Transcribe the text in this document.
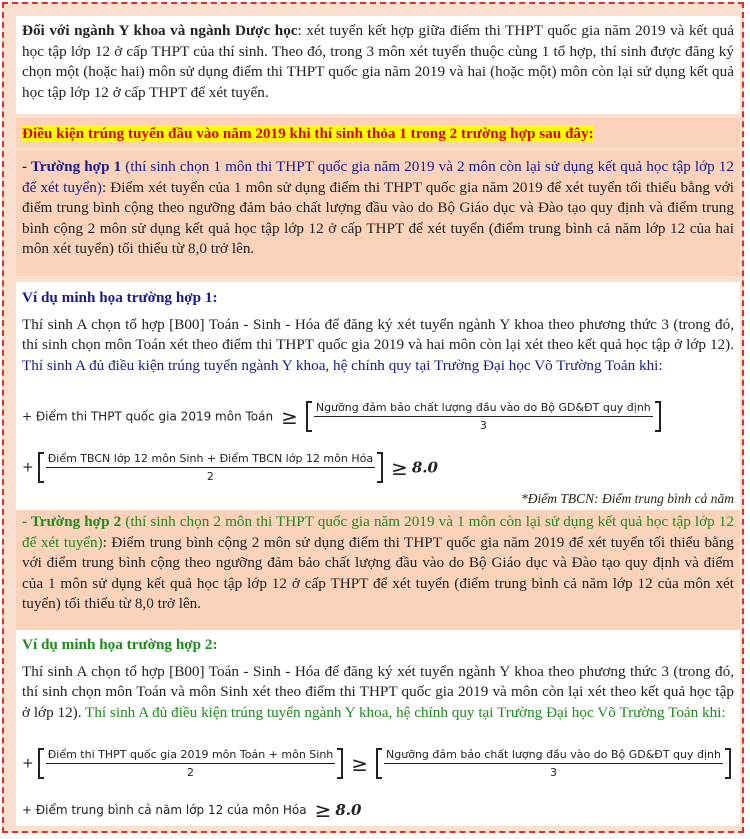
Đối với ngành Y khoa và ngành Dược học: xét tuyển kết hợp giữa điểm thi THPT quốc gia năm 2019 và kết quả học tập lớp 12 ở cấp THPT của thí sinh. Theo đó, trong 3 môn xét tuyển thuộc cùng 1 tổ hợp, thí sinh được đăng ký chọn một (hoặc hai) môn sử dụng điểm thi THPT quốc gia năm 2019 và hai (hoặc một) môn còn lại sử dụng kết quả học tập lớp 12 ở cấp THPT để xét tuyển.
Điều kiện trúng tuyển đầu vào năm 2019 khi thí sinh thỏa 1 trong 2 trường hợp sau đây:
- Trường hợp 1 (thí sinh chọn 1 môn thi THPT quốc gia năm 2019 và 2 môn còn lại sử dụng kết quả học tập lớp 12 để xét tuyển): Điểm xét tuyển của 1 môn sử dụng điểm thi THPT quốc gia năm 2019 để xét tuyển tối thiểu bằng với điểm trung bình cộng theo ngưỡng đảm bảo chất lượng đầu vào do Bộ Giáo dục và Đào tạo quy định và điểm trung bình cộng 2 môn sử dụng kết quả học tập lớp 12 ở cấp THPT để xét tuyển (điểm trung bình cả năm lớp 12 của hai môn xét tuyển) tối thiểu từ 8,0 trở lên.
Ví dụ minh họa trường hợp 1:
Thí sinh A chọn tổ hợp [B00] Toán - Sinh - Hóa để đăng ký xét tuyển ngành Y khoa theo phương thức 3 (trong đó, thí sinh chọn môn Toán xét theo điểm thi THPT quốc gia 2019 và hai môn còn lại xét theo kết quả học tập ở lớp 12). Thí sinh A đủ điều kiện trúng tuyển ngành Y khoa, hệ chính quy tại Trường Đại học Võ Trường Toản khi:
+ Điểm thi THPT quốc gia 2019 môn Toán ≥ $\frac{\text{Ngưỡng đảm bảo chất lượng đầu vào do Bộ GD\&ĐT quy định}}{3}$
+ $\frac{\text{Điểm TBCN lớp 12 môn Sinh + Điểm TBCN lớp 12 môn Hóa}}{2} \ge 8.0$
*Điểm TBCN: Điểm trung bình cả năm
- Trường hợp 2 (thí sinh chọn 2 môn thi THPT quốc gia năm 2019 và 1 môn còn lại sử dụng kết quả học tập lớp 12 để xét tuyển): Điểm trung bình cộng 2 môn sử dụng điểm thi THPT quốc gia năm 2019 để xét tuyển tối thiểu bằng với điểm trung bình cộng theo ngưỡng đảm bảo chất lượng đầu vào do Bộ Giáo dục và Đào tạo quy định và điểm của 1 môn sử dụng kết quả học tập lớp 12 ở cấp THPT để xét tuyển (điểm trung bình cả năm lớp 12 của môn xét tuyển) tối thiểu từ 8,0 trở lên.
Ví dụ minh họa trường hợp 2:
Thí sinh A chọn tổ hợp [B00] Toán - Sinh - Hóa để đăng ký xét tuyển ngành Y khoa theo phương thức 3 (trong đó, thí sinh chọn môn Toán và môn Sinh xét theo điểm thi THPT quốc gia 2019 và môn còn lại xét theo kết quả học tập ở lớp 12). Thí sinh A đủ điều kiện trúng tuyển ngành Y khoa, hệ chính quy tại Trường Đại học Võ Trường Toản khi:
+ $\frac{\text{Điểm thi THPT quốc gia 2019 môn Toán + môn Sinh}}{2} \ge \frac{\text{Ngưỡng đảm bảo chất lượng đầu vào do Bộ GD\&ĐT quy định}}{3}$
+ Điểm trung bình cả năm lớp 12 của môn Hóa ≥ 8.0
